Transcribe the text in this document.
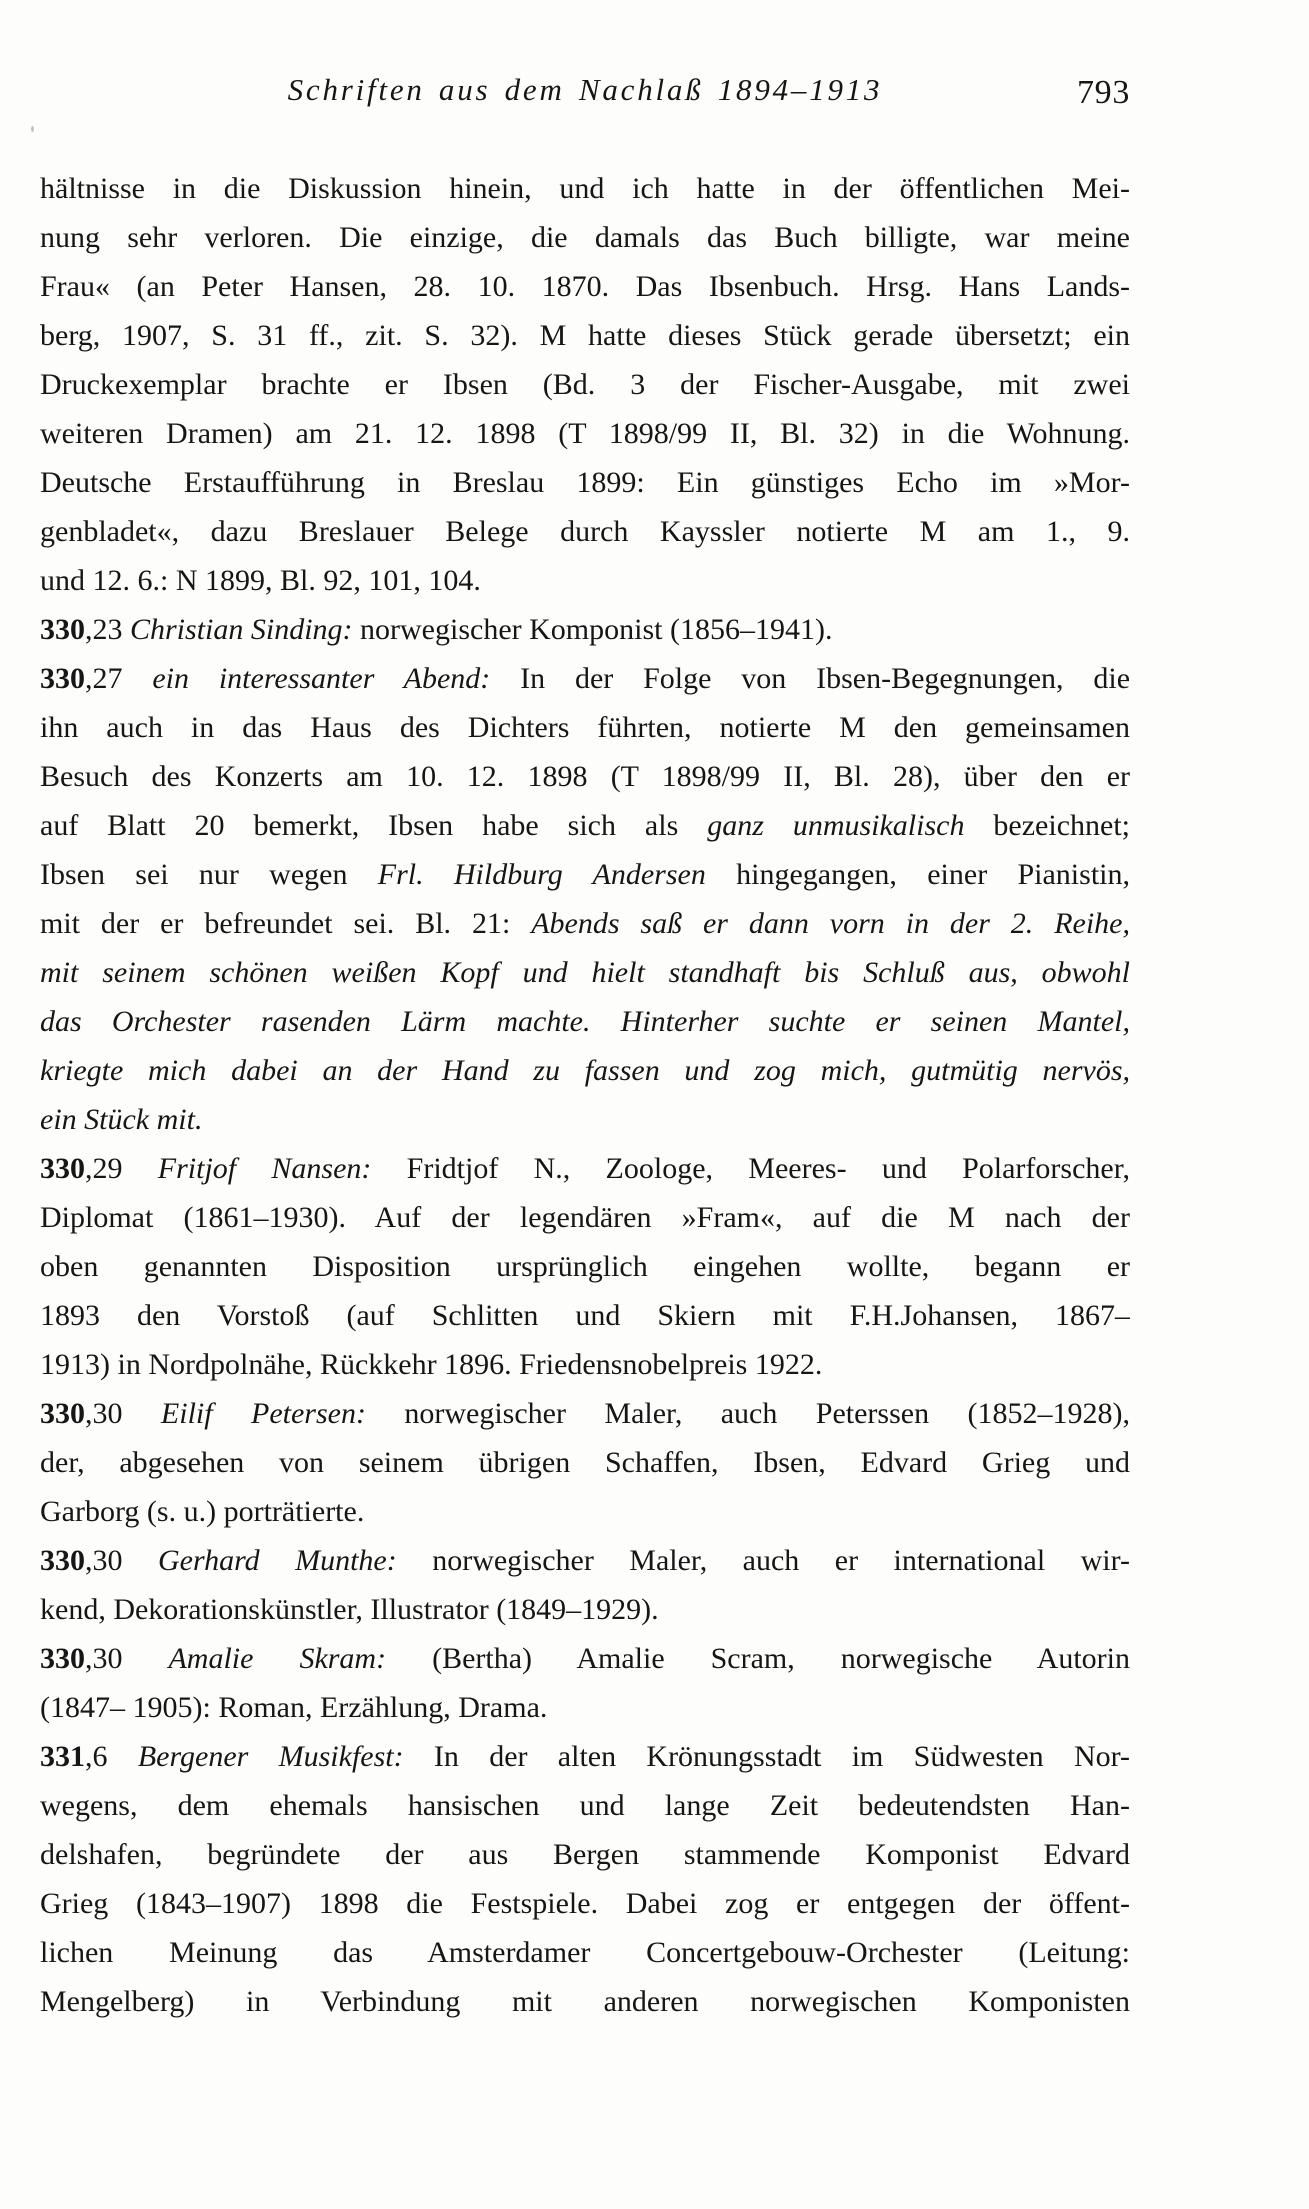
Schriften aus dem Nachlaß 1894–1913	793
hältnisse in die Diskussion hinein, und ich hatte in der öffentlichen Mei-
nung sehr verloren. Die einzige, die damals das Buch billigte, war meine
Frau« (an Peter Hansen, 28. 10. 1870. Das Ibsenbuch. Hrsg. Hans Lands-
berg, 1907, S. 31 ff., zit. S. 32). M hatte dieses Stück gerade übersetzt; ein
Druckexemplar brachte er Ibsen (Bd. 3 der Fischer-Ausgabe, mit zwei
weiteren Dramen) am 21. 12. 1898 (T 1898/99 II, Bl. 32) in die Wohnung.
Deutsche Erstaufführung in Breslau 1899: Ein günstiges Echo im »Mor-
genbladet«, dazu Breslauer Belege durch Kayssler notierte M am 1., 9.
und 12. 6.: N 1899, Bl. 92, 101, 104.
330,23 Christian Sinding: norwegischer Komponist (1856–1941).
330,27 ein interessanter Abend: In der Folge von Ibsen-Begegnungen, die
ihn auch in das Haus des Dichters führten, notierte M den gemeinsamen
Besuch des Konzerts am 10. 12. 1898 (T 1898/99 II, Bl. 28), über den er
auf Blatt 20 bemerkt, Ibsen habe sich als ganz unmusikalisch bezeichnet;
Ibsen sei nur wegen Frl. Hildburg Andersen hingegangen, einer Pianistin,
mit der er befreundet sei. Bl. 21: Abends saß er dann vorn in der 2. Reihe,
mit seinem schönen weißen Kopf und hielt standhaft bis Schluß aus, obwohl
das Orchester rasenden Lärm machte. Hinterher suchte er seinen Mantel,
kriegte mich dabei an der Hand zu fassen und zog mich, gutmütig nervös,
ein Stück mit.
330,29 Fritjof Nansen: Fridtjof N., Zoologe, Meeres- und Polarforscher,
Diplomat (1861–1930). Auf der legendären »Fram«, auf die M nach der
oben genannten Disposition ursprünglich eingehen wollte, begann er
1893 den Vorstoß (auf Schlitten und Skiern mit F.H.Johansen, 1867–
1913) in Nordpolnähe, Rückkehr 1896. Friedensnobelpreis 1922.
330,30 Eilif Petersen: norwegischer Maler, auch Peterssen (1852–1928),
der, abgesehen von seinem übrigen Schaffen, Ibsen, Edvard Grieg und
Garborg (s. u.) porträtierte.
330,30 Gerhard Munthe: norwegischer Maler, auch er international wir-
kend, Dekorationskünstler, Illustrator (1849–1929).
330,30 Amalie Skram: (Bertha) Amalie Scram, norwegische Autorin
(1847– 1905): Roman, Erzählung, Drama.
331,6 Bergener Musikfest: In der alten Krönungsstadt im Südwesten Nor-
wegens, dem ehemals hansischen und lange Zeit bedeutendsten Han-
delshafen, begründete der aus Bergen stammende Komponist Edvard
Grieg (1843–1907) 1898 die Festspiele. Dabei zog er entgegen der öffent-
lichen Meinung das Amsterdamer Concertgebouw-Orchester (Leitung:
Mengelberg) in Verbindung mit anderen norwegischen Komponisten
